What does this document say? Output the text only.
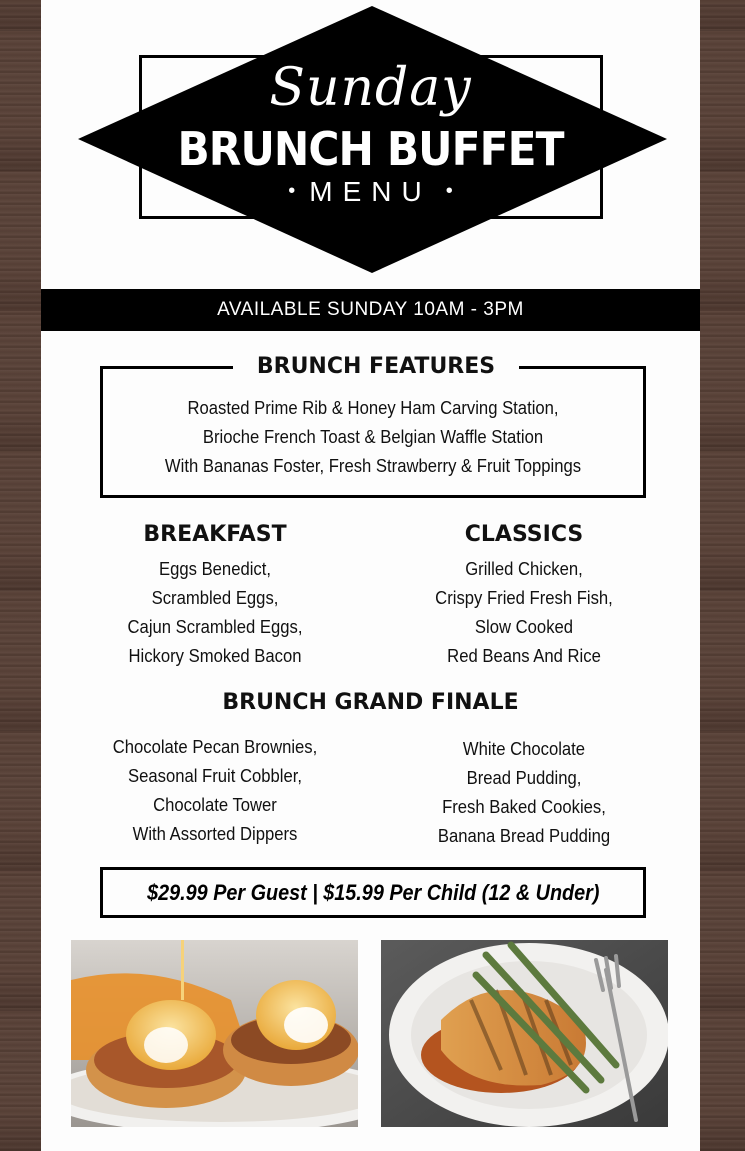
Sunday
BRUNCH BUFFET
• MENU •
AVAILABLE SUNDAY 10AM - 3PM
BRUNCH FEATURES
Roasted Prime Rib & Honey Ham Carving Station,
Brioche French Toast & Belgian Waffle Station
With Bananas Foster, Fresh Strawberry & Fruit Toppings
BREAKFAST
Eggs Benedict,
Scrambled Eggs,
Cajun Scrambled Eggs,
Hickory Smoked Bacon
CLASSICS
Grilled Chicken,
Crispy Fried Fresh Fish,
Slow Cooked
Red Beans And Rice
BRUNCH GRAND FINALE
Chocolate Pecan Brownies,
Seasonal Fruit Cobbler,
Chocolate Tower
With Assorted Dippers
White Chocolate
Bread Pudding,
Fresh Baked Cookies,
Banana Bread Pudding
$29.99 Per Guest | $15.99 Per Child (12 & Under)
